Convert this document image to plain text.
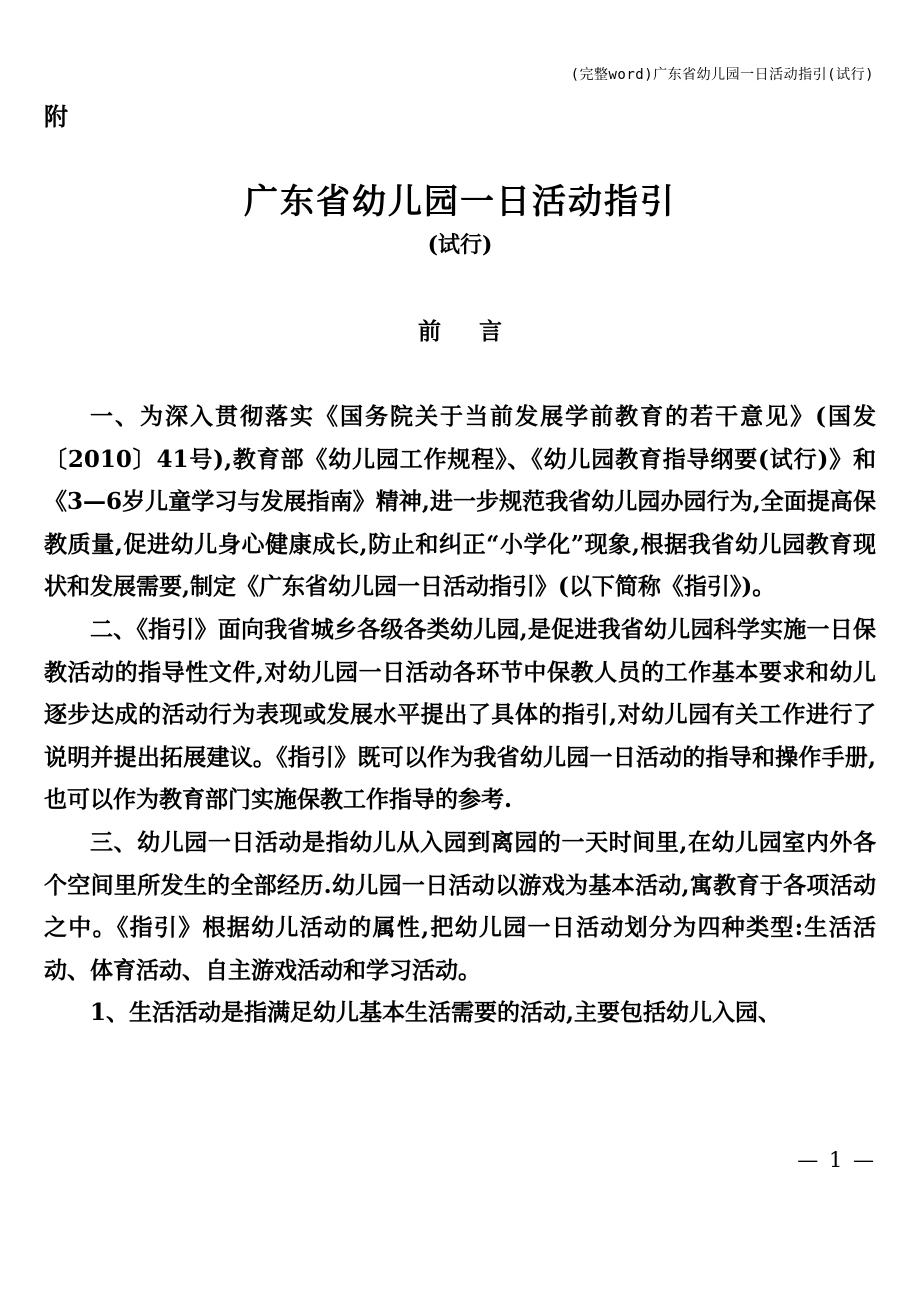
(完整word)广东省幼儿园一日活动指引(试行)
附
广东省幼儿园一日活动指引
(试行)
前 言

一、为深入贯彻落实《国务院关于当前发展学前教育的若干意见》(国发〔2010〕41号),教育部《幼儿园工作规程》、《幼儿园教育指导纲要(试行)》和《3—6岁儿童学习与发展指南》精神,进一步规范我省幼儿园办园行为,全面提高保教质量,促进幼儿身心健康成长,防止和纠正“小学化”现象,根据我省幼儿园教育现状和发展需要,制定《广东省幼儿园一日活动指引》(以下简称《指引》)。

二、《指引》面向我省城乡各级各类幼儿园,是促进我省幼儿园科学实施一日保教活动的指导性文件,对幼儿园一日活动各环节中保教人员的工作基本要求和幼儿逐步达成的活动行为表现或发展水平提出了具体的指引,对幼儿园有关工作进行了说明并提出拓展建议。《指引》既可以作为我省幼儿园一日活动的指导和操作手册,也可以作为教育部门实施保教工作指导的参考.

三、幼儿园一日活动是指幼儿从入园到离园的一天时间里,在幼儿园室内外各个空间里所发生的全部经历.幼儿园一日活动以游戏为基本活动,寓教育于各项活动之中。《指引》根据幼儿活动的属性,把幼儿园一日活动划分为四种类型:生活活动、体育活动、自主游戏活动和学习活动。

1、生活活动是指满足幼儿基本生活需要的活动,主要包括幼儿入园、

— 1 —
